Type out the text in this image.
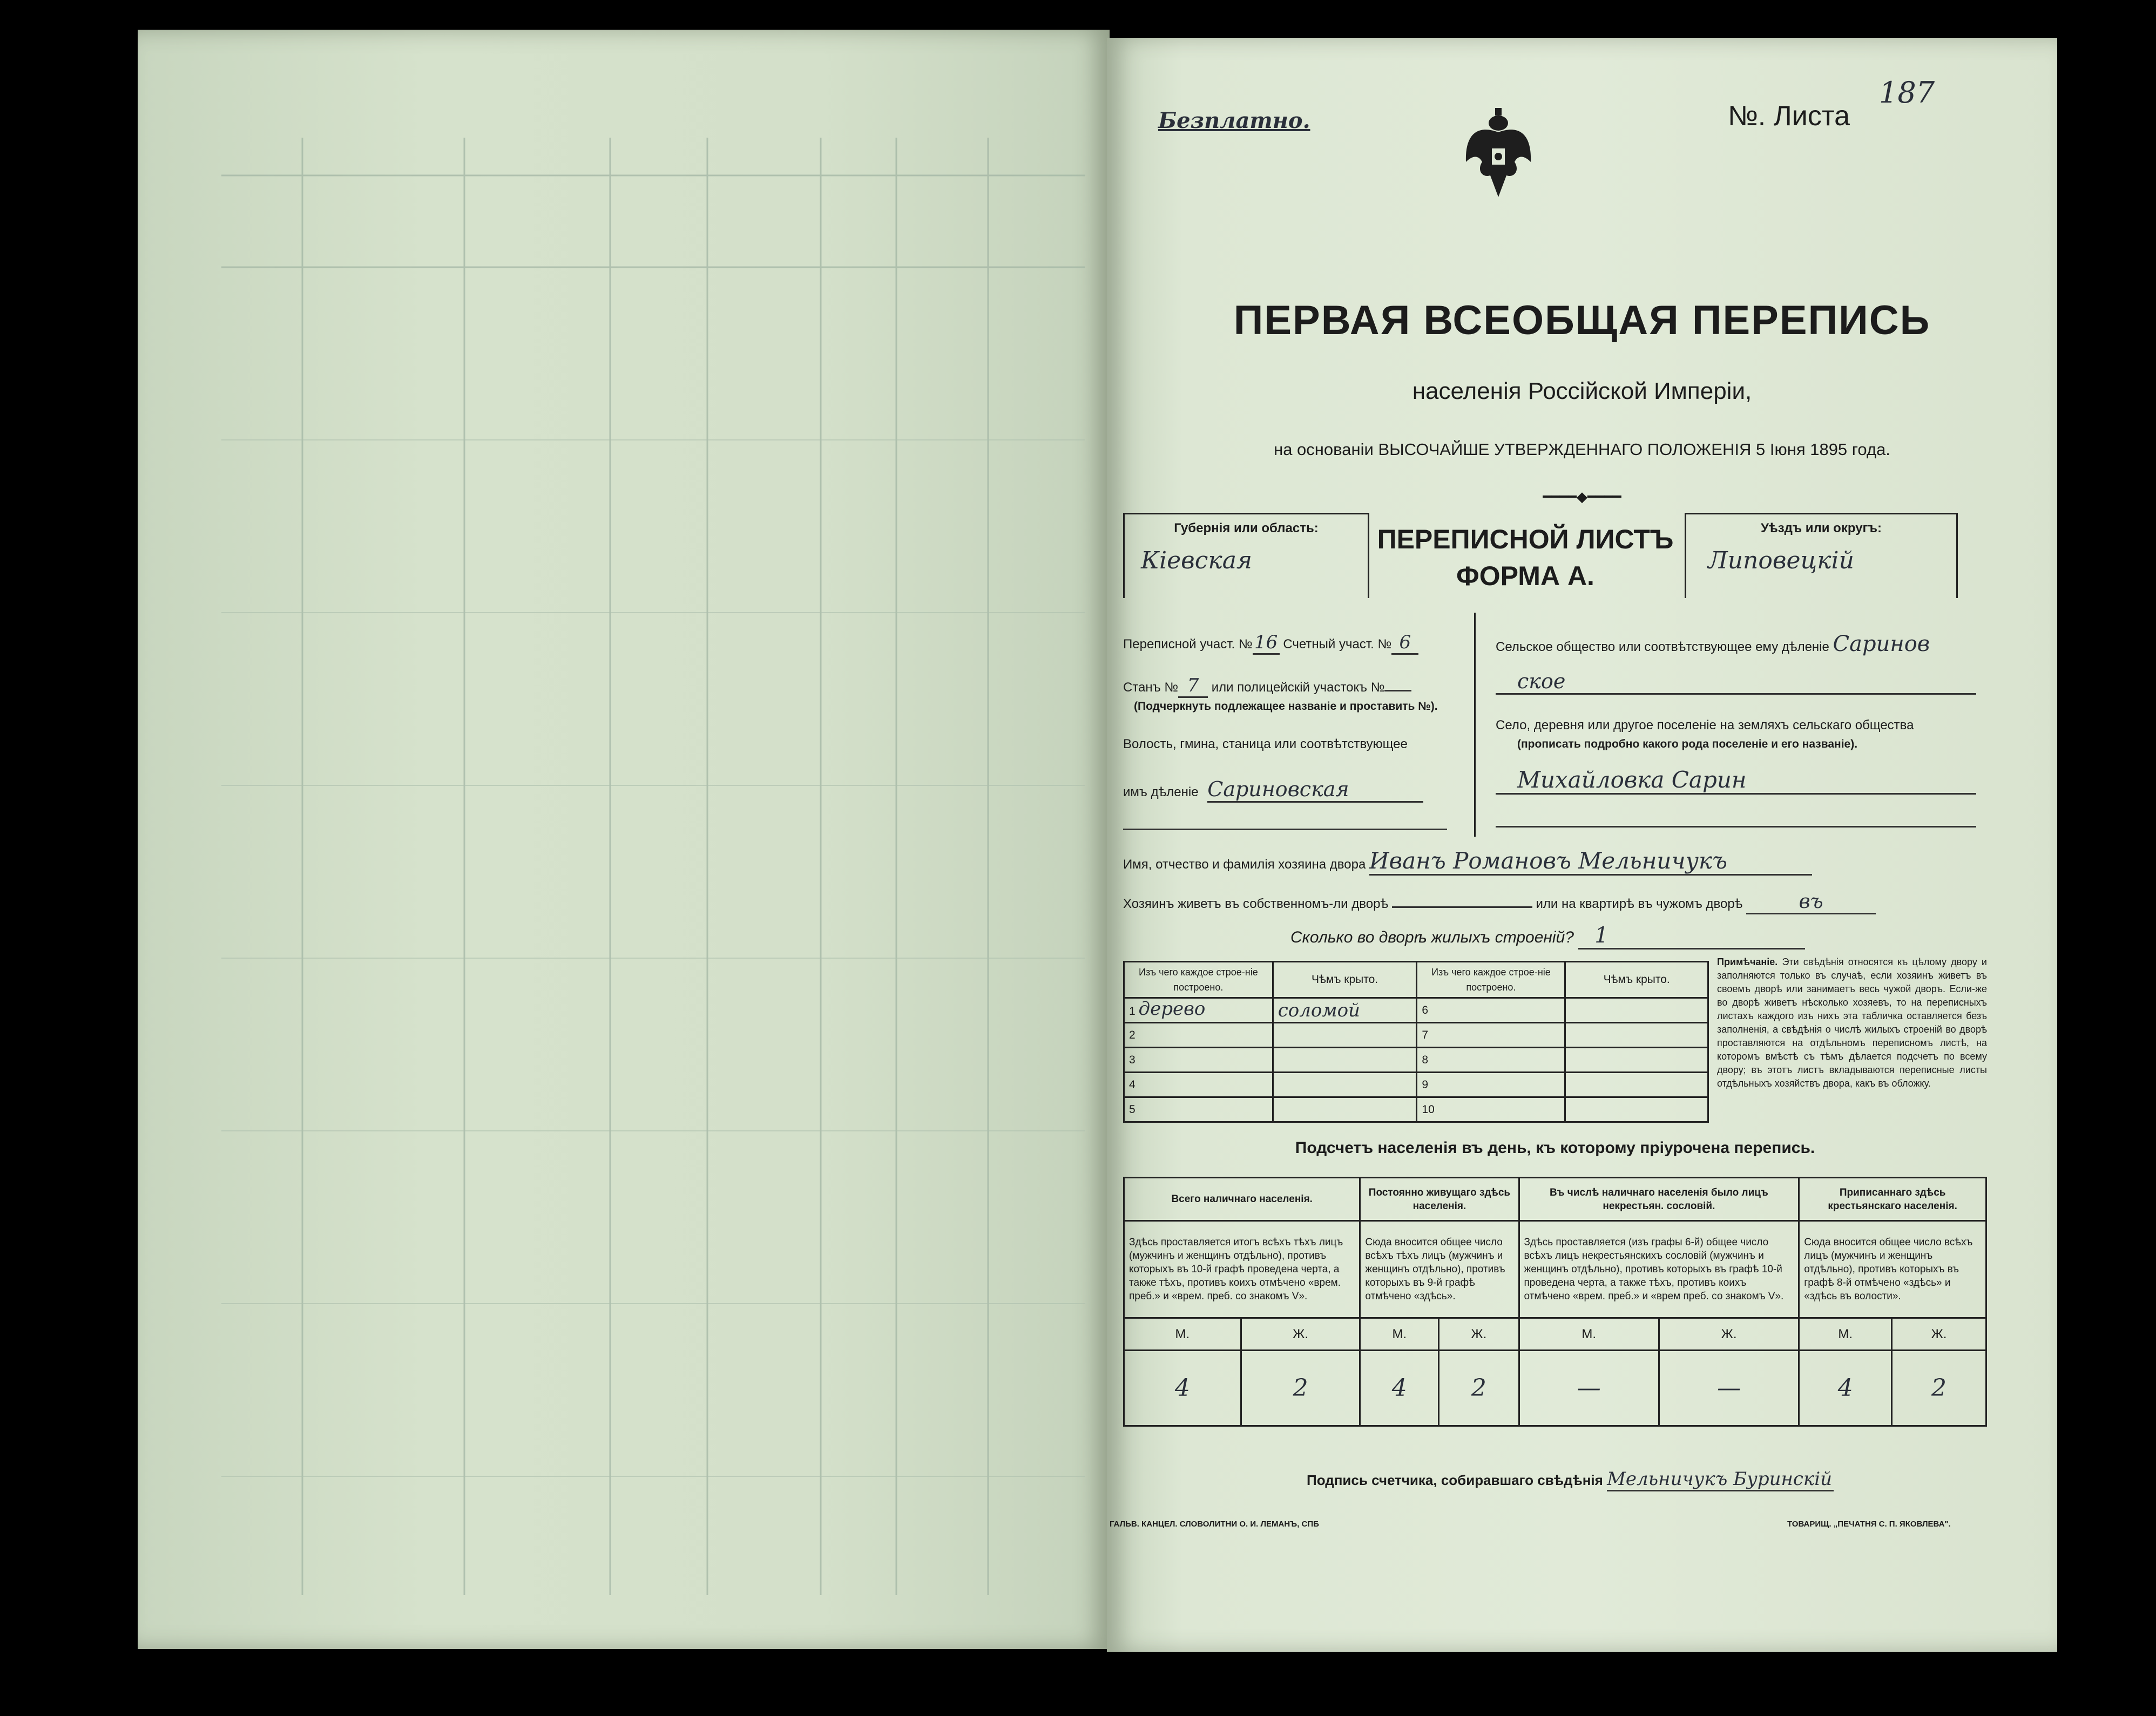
Безплатно.	№. Листа
187
ПЕРВАЯ ВСЕОБЩАЯ ПЕРЕПИСЬ
населенія Россійской Имперіи,
на основаніи ВЫСОЧАЙШЕ УТВЕРЖДЕННАГО ПОЛОЖЕНІЯ 5 Іюня 1895 года.
━━━━◆━━━━
Губернія или область:
Кіевская
ПЕРЕПИСНОЙ ЛИСТЪ
ФОРМА А.
Уѣздъ или округъ:
Липовецкій
Переписной участ. №16 Счетный участ. № 6
Станъ № 7 или полицейскій участокъ №
(Подчеркнуть подлежащее названіе и проставить №).
Волость, гмина, станица или соотвѣтствующее
имъ дѣленіе Сариновская
Сельское общество или соотвѣтствующее ему дѣленіе Саринов
ское
Село, деревня или другое поселеніе на земляхъ сельскаго общества
(прописать подробно какого рода поселеніе и его названіе).
Михайловка Сарин
Имя, отчество и фамилія хозяина двора Иванъ Романовъ Мельничукъ
Хозяинъ живетъ въ собственномъ-ли дворѣ	или на квартирѣ въ чужомъ дворѣ	въ
Сколько во дворѣ жилыхъ строеній? 1
Изъ чего каждое строе-ніе построено.	Чѣмъ крыто.	Изъ чего каждое строе-ніе построено.	Чѣмъ крыто.
1 дерево	соломой	6	
2		7	
3		8	
4		9	
5		10	
Примѣчаніе. Эти свѣдѣнія относятся къ цѣлому двору и заполняются только въ случаѣ, если хозяинъ живетъ въ своемъ дворѣ или занимаетъ весь чужой дворъ. Если-же во дворѣ живетъ нѣсколько хозяевъ, то на переписныхъ листахъ каждого изъ нихъ эта табличка оставляется безъ заполненія, а свѣдѣнія о числѣ жилыхъ строеній во дворѣ проставляются на отдѣльномъ переписномъ листѣ, на которомъ вмѣстѣ съ тѣмъ дѣлается подсчетъ по всему двору; въ этотъ листъ вкладываются переписные листы отдѣльныхъ хозяйствъ двора, какъ въ обложку.
Подсчетъ населенія въ день, къ которому пріурочена перепись.
Всего наличнаго населенія.		Постоянно живущаго здѣсь населенія.		Въ числѣ наличнаго населенія было лицъ некрестьян. сословій.		Приписаннаго здѣсь крестьянскаго населенія.	
Здѣсь проставляется итогъ всѣхъ тѣхъ лицъ (мужчинъ и женщинъ отдѣльно), противъ которыхъ въ 10-й графѣ проведена черта, а также тѣхъ, противъ коихъ отмѣчено «врем. преб.» и «врем. преб. со знакомъ V».		Сюда вносится общее число всѣхъ тѣхъ лицъ (мужчинъ и женщинъ отдѣльно), противъ которыхъ въ 9-й графѣ отмѣчено «здѣсь».		Здѣсь проставляется (изъ графы 6-й) общее число всѣхъ лицъ некрестьянскихъ сословій (мужчинъ и женщинъ отдѣльно), противъ которыхъ въ графѣ 10-й проведена черта, а также тѣхъ, противъ коихъ отмѣчено «врем. преб.» и «врем преб. со знакомъ V».		Сюда вносится общее число всѣхъ лицъ (мужчинъ и женщинъ отдѣльно), противъ которыхъ въ графѣ 8-й отмѣчено «здѣсь» и «здѣсь въ волости».	
М.	Ж.	М.	Ж.	М.	Ж.	М.	Ж.
4	2	4	2	—	—	4	2
Подпись счетчика, собиравшаго свѣдѣнія Мельничукъ Буринскій
ГАЛЬВ. КАНЦЕЛ. СЛОВОЛИТНИ О. И. ЛЕМАНЪ, СПБ	ТОВАРИЩ. „ПЕЧАТНЯ С. П. ЯКОВЛЕВА".
